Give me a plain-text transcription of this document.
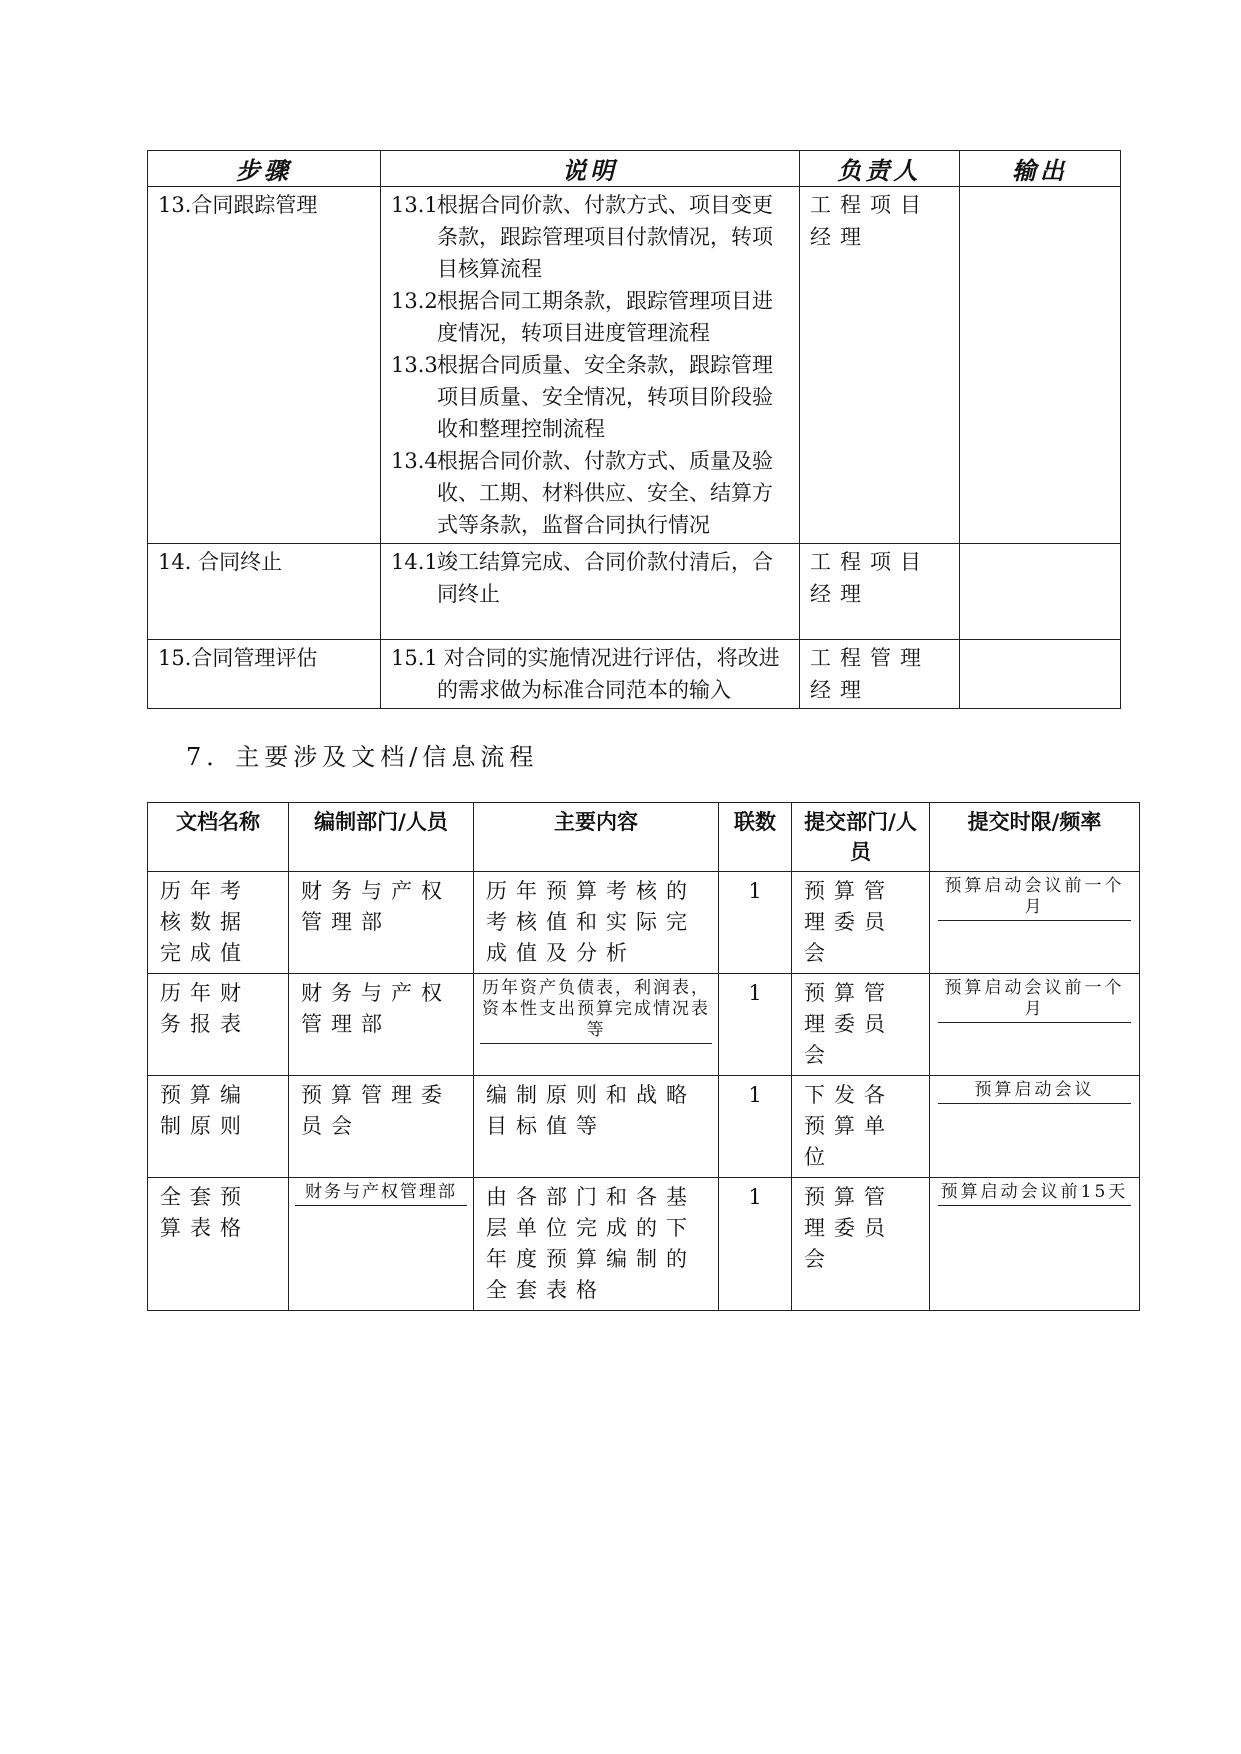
步骤	说明	负责人	输出
13.合同跟踪管理	13.1根据合同价款、付款方式、项目变更条款，跟踪管理项目付款情况，转项目核算流程
13.2根据合同工期条款，跟踪管理项目进度情况，转项目进度管理流程
13.3根据合同质量、安全条款，跟踪管理项目质量、安全情况，转项目阶段验收和整理控制流程
13.4根据合同价款、付款方式、质量及验收、工期、材料供应、安全、结算方式等条款，监督合同执行情况	工程项目经理	
14. 合同终止	14.1竣工结算完成、合同价款付清后，合同终止	工程项目经理	
15.合同管理评估	15.1 对合同的实施情况进行评估，将改进的需求做为标准合同范本的输入	工程管理经理	
7．主要涉及文档/信息流程
文档名称	编制部门/人员	主要内容	联数	提交部门/人员	提交时限/频率
历年考核数据完成值	财务与产权管理部	历年预算考核的考核值和实际完成值及分析	1	预算管理委员会	预算启动会议前一个月

历年财务报表	财务与产权管理部	历年资产负债表，利润表，资本性支出预算完成情况表等	1	预算管理委员会	预算启动会议前一个月

预算编制原则	预算管理委员会	编制原则和战略目标值等	1	下发各预算单位	预算启动会议

全套预算表格	财务与产权管理部	由各部门和各基层单位完成的下年度预算编制的全套表格	1	预算管理委员会	预算启动会议前15天
